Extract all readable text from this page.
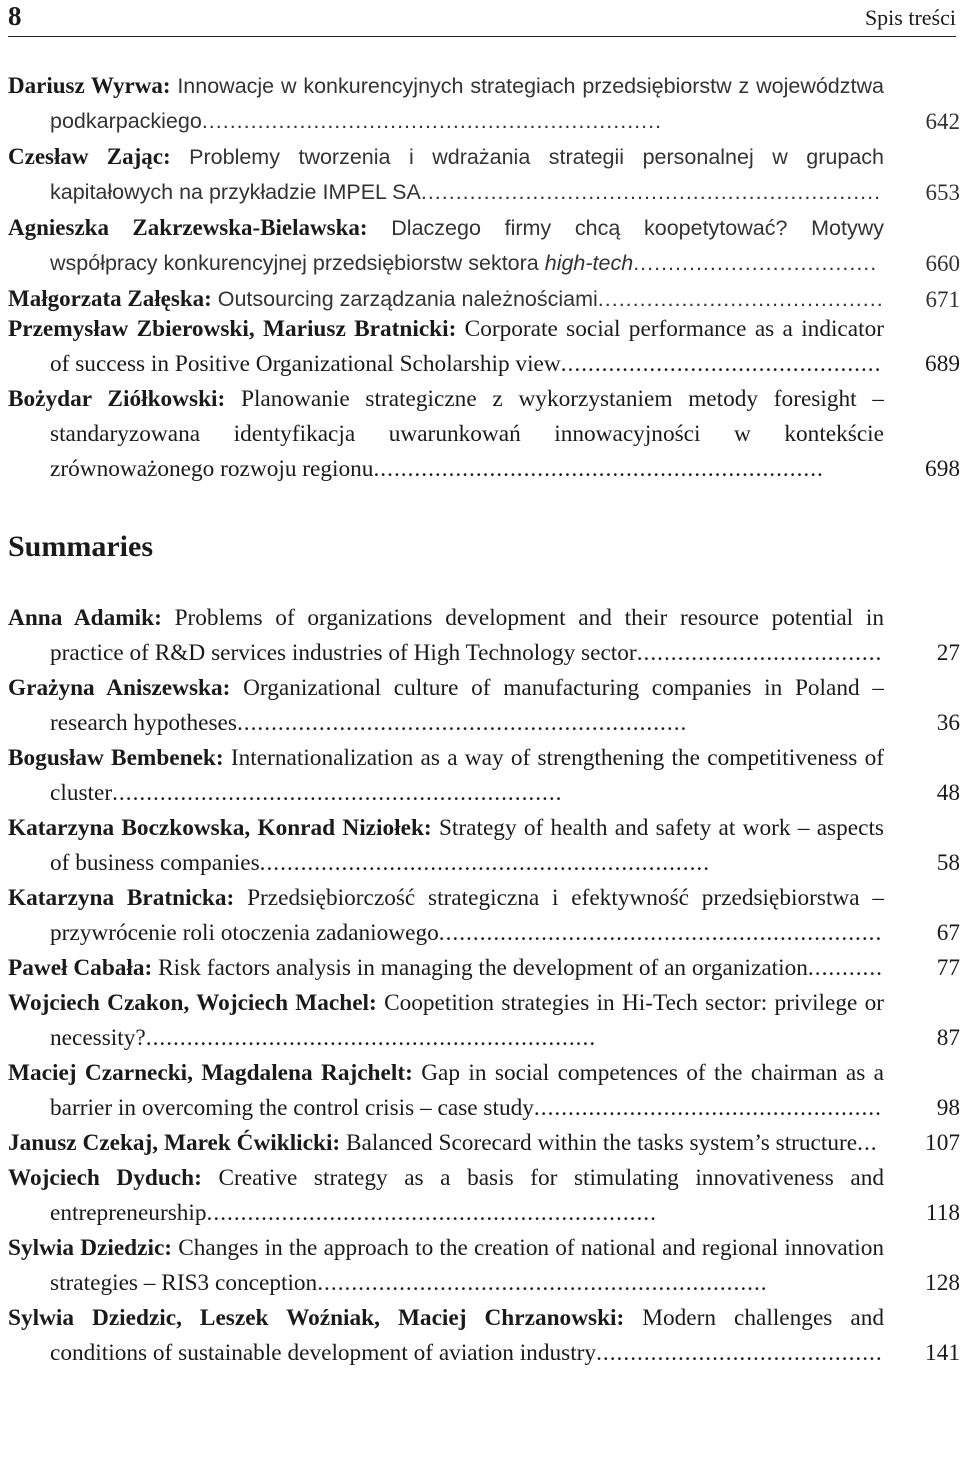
8	Spis treści
Dariusz Wyrwa: Innowacje w konkurencyjnych strategiach przedsiębiorstw z województwa podkarpackiego..................................................................	642
Czesław Zając: Problemy tworzenia i wdrażania strategii personalnej w grupach kapitałowych na przykładzie IMPEL SA.................................................................. 653
Agnieszka Zakrzewska-Bielawska: Dlaczego firmy chcą koopetytować? Motywy współpracy konkurencyjnej przedsiębiorstw sektora high-tech................................... 660
Małgorzata Załęska: Outsourcing zarządzania należnościami......................................... 671
Przemysław Zbierowski, Mariusz Bratnicki: Corporate social performance as a indicator of success in Positive Organizational Scholarship view............................................... 689
Bożydar Ziółkowski: Planowanie strategiczne z wykorzystaniem metody foresight – standaryzowana identyfikacja uwarunkowań innowacyjności w kontekście zrównoważonego rozwoju regionu..................................................................	698
Summaries
Anna Adamik: Problems of organizations development and their resource potential in practice of R&D services industries of High Technology sector.................................... 27
Grażyna Aniszewska: Organizational culture of manufacturing companies in Poland – research hypotheses..................................................................	36
Bogusław Bembenek: Internationalization as a way of strengthening the competitiveness of cluster..................................................................	48
Katarzyna Boczkowska, Konrad Niziołek: Strategy of health and safety at work – aspects of business companies..................................................................	58
Katarzyna Bratnicka: Przedsiębiorczość strategiczna i efektywność przedsiębiorstwa – przywrócenie roli otoczenia zadaniowego................................................................. 67
Paweł Cabała: Risk factors analysis in managing the development of an organization........... 77
Wojciech Czakon, Wojciech Machel: Coopetition strategies in Hi-Tech sector: privilege or necessity?..................................................................	87
Maciej Czarnecki, Magdalena Rajchelt: Gap in social competences of the chairman as a barrier in overcoming the control crisis – case study................................................... 98
Janusz Czekaj, Marek Ćwiklicki: Balanced Scorecard within the tasks system’s structure... 107
Wojciech Dyduch: Creative strategy as a basis for stimulating innovativeness and entrepreneurship..................................................................	118
Sylwia Dziedzic: Changes in the approach to the creation of national and regional innovation strategies – RIS3 conception..................................................................	128
Sylwia Dziedzic, Leszek Woźniak, Maciej Chrzanowski: Modern challenges and conditions of sustainable development of aviation industry.......................................... 141
